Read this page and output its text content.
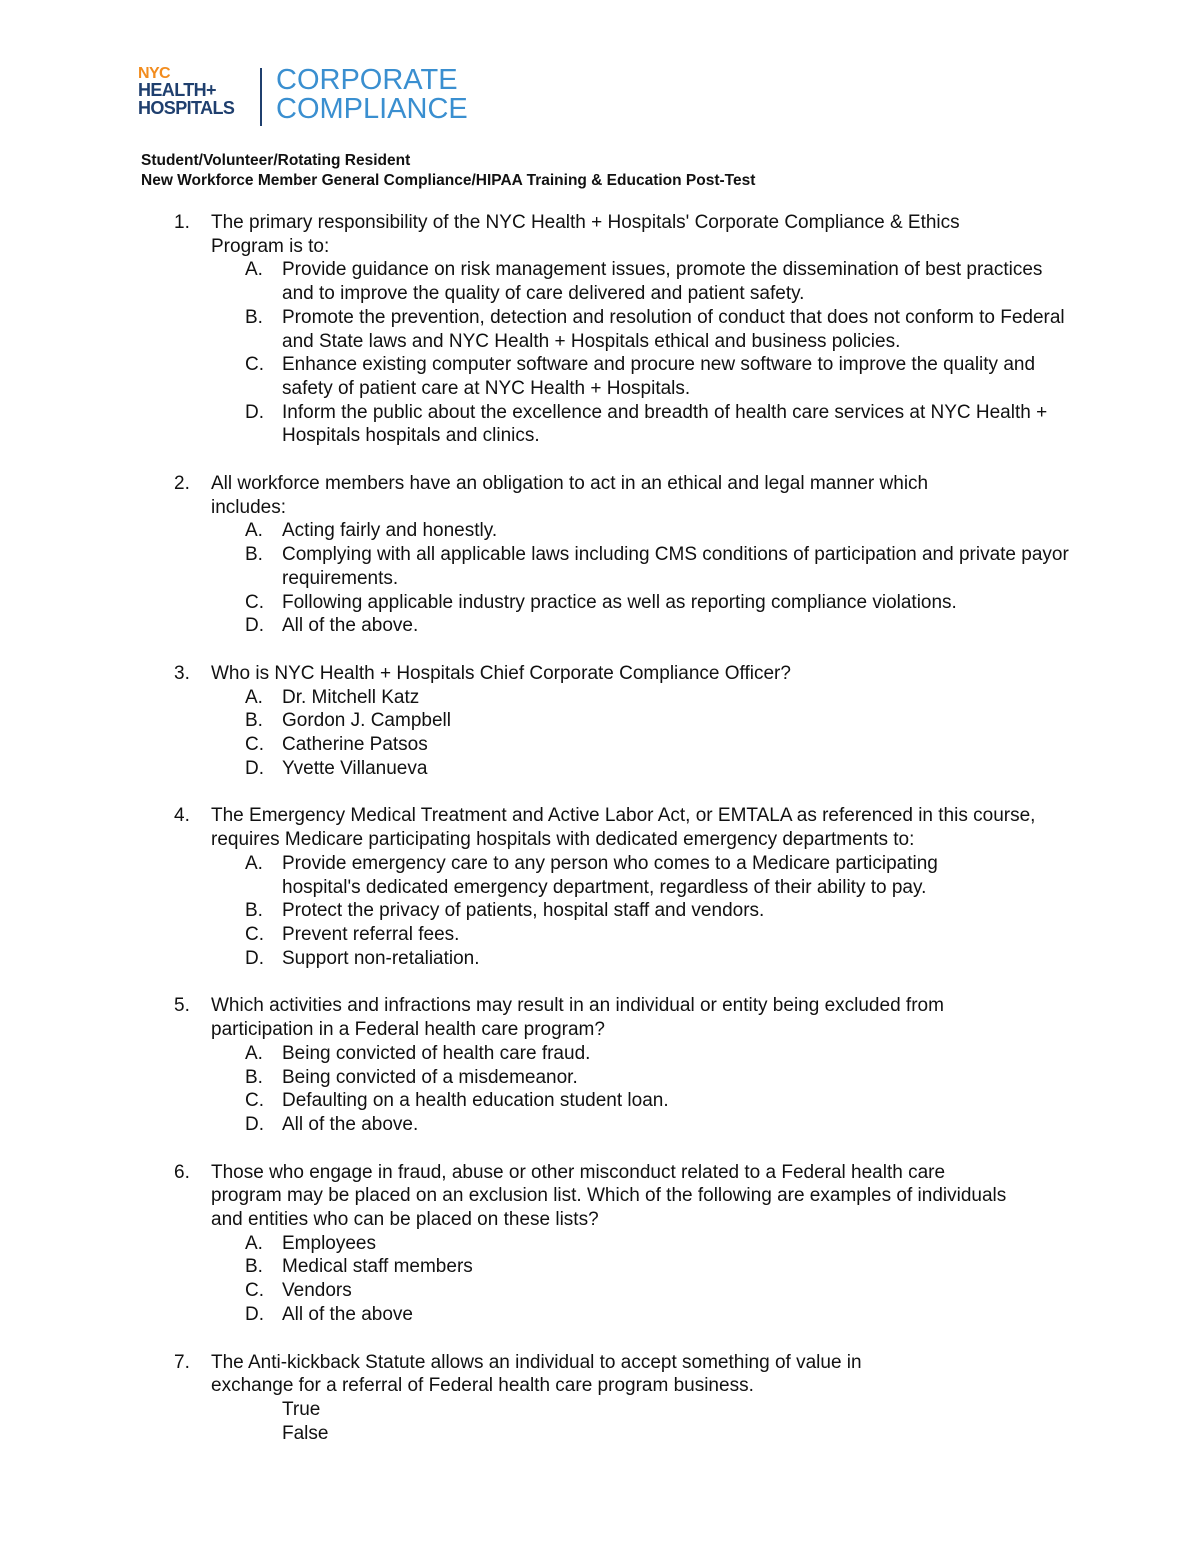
NYC
HEALTH+
HOSPITALS
CORPORATE
COMPLIANCE
Student/Volunteer/Rotating Resident
New Workforce Member General Compliance/HIPAA Training & Education Post-Test
1. The primary responsibility of the NYC Health + Hospitals' Corporate Compliance & Ethics Program is to:
A. Provide guidance on risk management issues, promote the dissemination of best practices and to improve the quality of care delivered and patient safety.
B. Promote the prevention, detection and resolution of conduct that does not conform to Federal and State laws and NYC Health + Hospitals ethical and business policies.
C. Enhance existing computer software and procure new software to improve the quality and safety of patient care at NYC Health + Hospitals.
D. Inform the public about the excellence and breadth of health care services at NYC Health + Hospitals hospitals and clinics.
2. All workforce members have an obligation to act in an ethical and legal manner which includes:
A. Acting fairly and honestly.
B. Complying with all applicable laws including CMS conditions of participation and private payor requirements.
C. Following applicable industry practice as well as reporting compliance violations.
D. All of the above.
3. Who is NYC Health + Hospitals Chief Corporate Compliance Officer?
A. Dr. Mitchell Katz
B. Gordon J. Campbell
C. Catherine Patsos
D. Yvette Villanueva
4. The Emergency Medical Treatment and Active Labor Act, or EMTALA as referenced in this course, requires Medicare participating hospitals with dedicated emergency departments to:
A. Provide emergency care to any person who comes to a Medicare participating hospital's dedicated emergency department, regardless of their ability to pay.
B. Protect the privacy of patients, hospital staff and vendors.
C. Prevent referral fees.
D. Support non-retaliation.
5. Which activities and infractions may result in an individual or entity being excluded from participation in a Federal health care program?
A. Being convicted of health care fraud.
B. Being convicted of a misdemeanor.
C. Defaulting on a health education student loan.
D. All of the above.
6. Those who engage in fraud, abuse or other misconduct related to a Federal health care program may be placed on an exclusion list. Which of the following are examples of individuals and entities who can be placed on these lists?
A. Employees
B. Medical staff members
C. Vendors
D. All of the above
7. The Anti-kickback Statute allows an individual to accept something of value in exchange for a referral of Federal health care program business.
True
False
